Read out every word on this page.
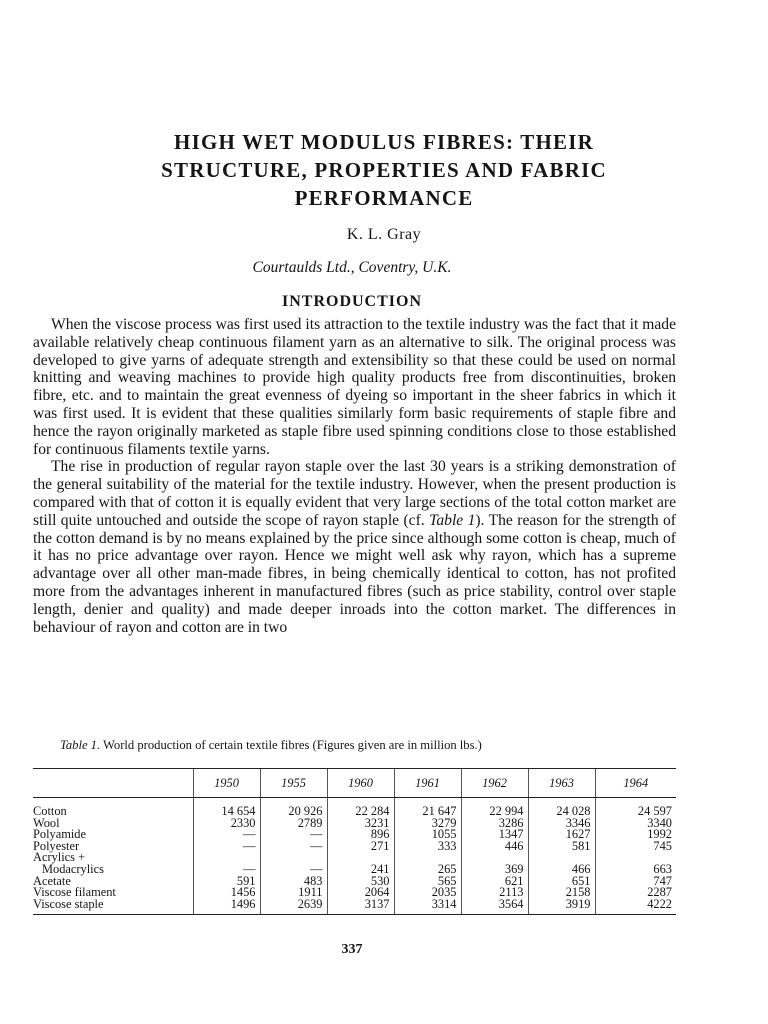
HIGH WET MODULUS FIBRES: THEIR
STRUCTURE, PROPERTIES AND FABRIC
PERFORMANCE
K. L. Gray
Courtaulds Ltd., Coventry, U.K.
INTRODUCTION

When the viscose process was first used its attraction to the textile industry was the fact that it made available relatively cheap continuous filament yarn as an alternative to silk. The original process was developed to give yarns of adequate strength and extensibility so that these could be used on normal knitting and weaving machines to provide high quality products free from discontinuities, broken fibre, etc. and to maintain the great evenness of dyeing so important in the sheer fabrics in which it was first used. It is evident that these qualities similarly form basic requirements of staple fibre and hence the rayon originally marketed as staple fibre used spinning conditions close to those established for continuous filaments textile yarns.

The rise in production of regular rayon staple over the last 30 years is a striking demonstration of the general suitability of the material for the textile industry. However, when the present production is compared with that of cotton it is equally evident that very large sections of the total cotton market are still quite untouched and outside the scope of rayon staple (cf. Table 1). The reason for the strength of the cotton demand is by no means explained by the price since although some cotton is cheap, much of it has no price advantage over rayon. Hence we might well ask why rayon, which has a supreme advantage over all other man-made fibres, in being chemically identical to cotton, has not profited more from the advantages inherent in manufactured fibres (such as price stability, control over staple length, denier and quality) and made deeper inroads into the cotton market. The differences in behaviour of rayon and cotton are in two

Table 1. World production of certain textile fibres (Figures given are in million lbs.)
	1950	1955	1960	1961	1962	1963	1964
Cotton	14 654	20 926	22 284	21 647	22 994	24 028	24 597
Wool	2330	2789	3231	3279	3286	3346	3340
Polyamide	—	—	896	1055	1347	1627	1992
Polyester	—	—	271	333	446	581	745
Acrylics +							
Modacrylics	—	—	241	265	369	466	663
Acetate	591	483	530	565	621	651	747
Viscose filament	1456	1911	2064	2035	2113	2158	2287
Viscose staple	1496	2639	3137	3314	3564	3919	4222
337
